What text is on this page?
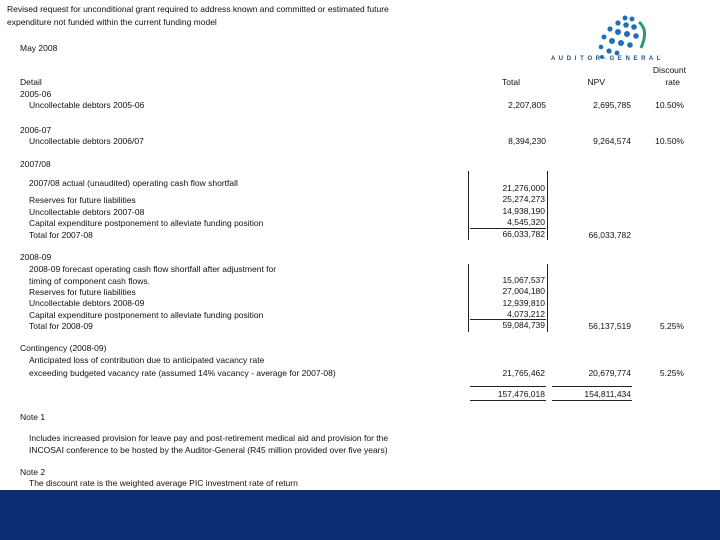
Revised request for unconditional grant required to address known and committed or estimated future
expenditure not funded within the current funding model
May 2008
A U D I T O R - G E N E R A L
Detail	Total	NPV
Discount
rate
2005-06
Uncollectable debtors 2005-06	2,207,805	2,695,785	10.50%
2006-07
Uncollectable debtors 2006/07	8,394,230	9,264,574	10.50%
2007/08
2007/08 actual (unaudited) operating cash flow shortfall	21,276,000
Reserves for future liabilities	25,274,273
Uncollectable debtors 2007-08	14,938,190
Capital expenditure postponement to alleviate funding position	4,545,320
Total for 2007-08	66,033,782	66,033,782
2008-09
2008-09 forecast operating cash flow shortfall after adjustment for
timing of component cash flows.	15,067,537
Reserves for future liabilities	27,004,180
Uncollectable debtors 2008-09	12,939,810
Capital expenditure postponement to alleviate funding position	4,073,212
Total for 2008-09	59,084,739	56,137,519	5.25%
Contingency (2008-09)
Anticipated loss of contribution due to anticipated vacancy rate
exceeding budgeted vacancy rate (assumed 14% vacancy - average for 2007-08)	21,765,462	20,679,774	5.25%
157,476,018	154,811,434
Note 1
Includes increased provision for leave pay and post-retirement medical aid and provision for the
INCOSAI conference to be hosted by the Auditor-General (R45 million provided over five years)
Note 2
The discount rate is the weighted average PIC investment rate of return
